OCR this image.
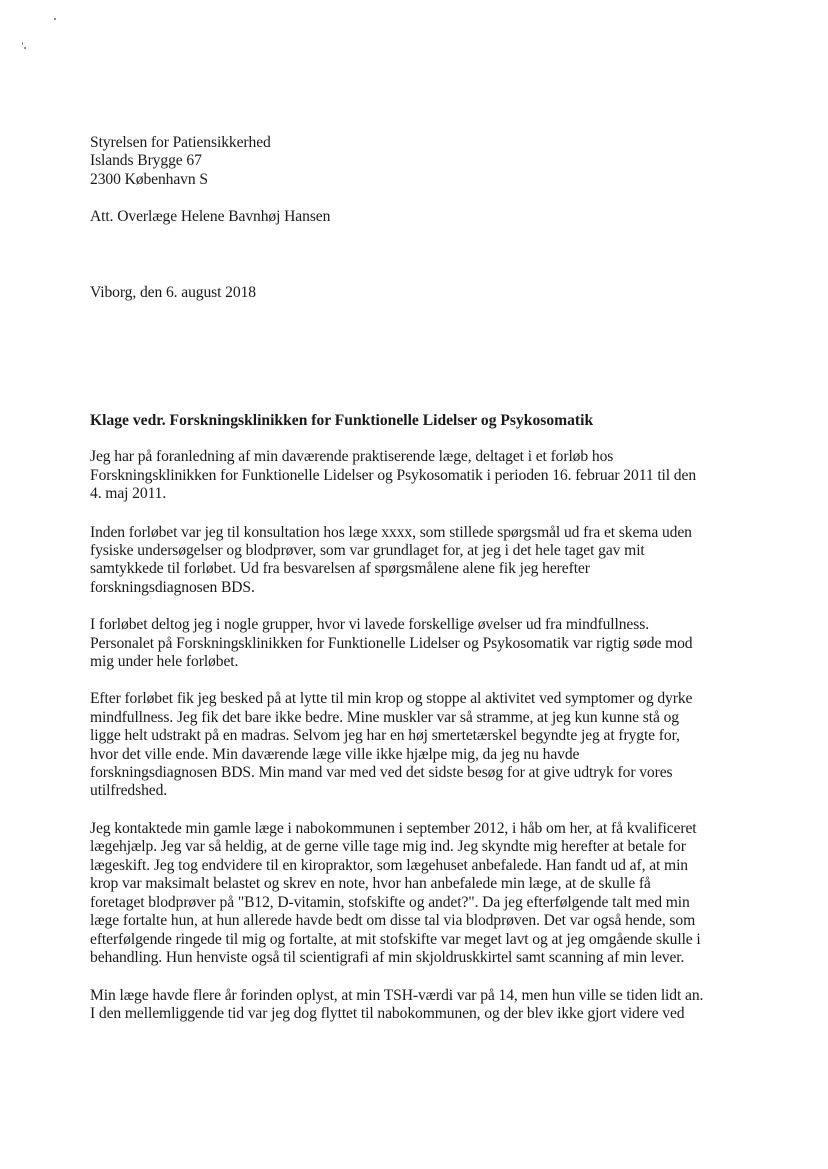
Styrelsen for Patiensikkerhed
Islands Brygge 67
2300 København S
Att. Overlæge Helene Bavnhøj Hansen
Viborg, den 6. august 2018
Klage vedr. Forskningsklinikken for Funktionelle Lidelser og Psykosomatik
Jeg har på foranledning af min daværende praktiserende læge, deltaget i et forløb hos
Forskningsklinikken for Funktionelle Lidelser og Psykosomatik i perioden 16. februar 2011 til den
4. maj 2011.
Inden forløbet var jeg til konsultation hos læge xxxx, som stillede spørgsmål ud fra et skema uden
fysiske undersøgelser og blodprøver, som var grundlaget for, at jeg i det hele taget gav mit
samtykkede til forløbet. Ud fra besvarelsen af spørgsmålene alene fik jeg herefter
forskningsdiagnosen BDS.
I forløbet deltog jeg i nogle grupper, hvor vi lavede forskellige øvelser ud fra mindfullness.
Personalet på Forskningsklinikken for Funktionelle Lidelser og Psykosomatik var rigtig søde mod
mig under hele forløbet.
Efter forløbet fik jeg besked på at lytte til min krop og stoppe al aktivitet ved symptomer og dyrke
mindfullness. Jeg fik det bare ikke bedre. Mine muskler var så stramme, at jeg kun kunne stå og
ligge helt udstrakt på en madras. Selvom jeg har en høj smertetærskel begyndte jeg at frygte for,
hvor det ville ende. Min daværende læge ville ikke hjælpe mig, da jeg nu havde
forskningsdiagnosen BDS. Min mand var med ved det sidste besøg for at give udtryk for vores
utilfredshed.
Jeg kontaktede min gamle læge i nabokommunen i september 2012, i håb om her, at få kvalificeret
lægehjælp. Jeg var så heldig, at de gerne ville tage mig ind. Jeg skyndte mig herefter at betale for
lægeskift. Jeg tog endvidere til en kiropraktor, som lægehuset anbefalede. Han fandt ud af, at min
krop var maksimalt belastet og skrev en note, hvor han anbefalede min læge, at de skulle få
foretaget blodprøver på "B12, D-vitamin, stofskifte og andet?". Da jeg efterfølgende talt med min
læge fortalte hun, at hun allerede havde bedt om disse tal via blodprøven. Det var også hende, som
efterfølgende ringede til mig og fortalte, at mit stofskifte var meget lavt og at jeg omgående skulle i
behandling. Hun henviste også til scientigrafi af min skjoldruskkirtel samt scanning af min lever.
Min læge havde flere år forinden oplyst, at min TSH-værdi var på 14, men hun ville se tiden lidt an.
I den mellemliggende tid var jeg dog flyttet til nabokommunen, og der blev ikke gjort videre ved
